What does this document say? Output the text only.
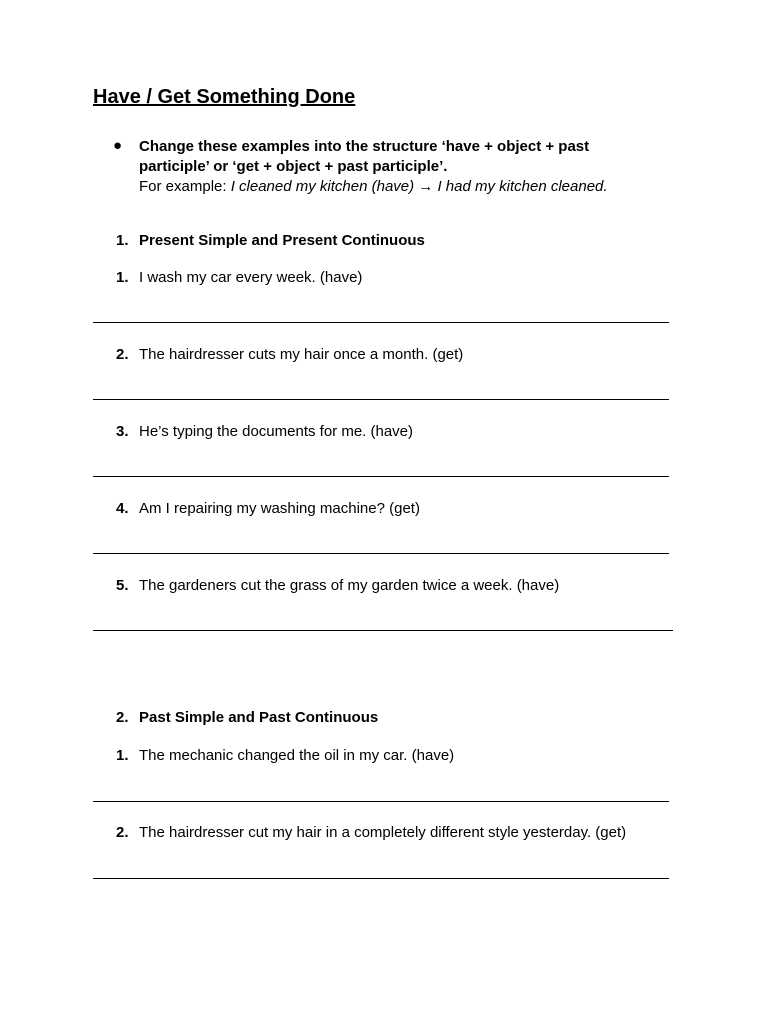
Have / Get Something Done
● Change these examples into the structure ‘have + object + past participle’ or ‘get + object + past participle’.
For example: I cleaned my kitchen (have) → I had my kitchen cleaned.
1. Present Simple and Present Continuous
1. I wash my car every week. (have)
2. The hairdresser cuts my hair once a month. (get)
3. He’s typing the documents for me. (have)
4. Am I repairing my washing machine? (get)
5. The gardeners cut the grass of my garden twice a week. (have)
2. Past Simple and Past Continuous
1. The mechanic changed the oil in my car. (have)
2. The hairdresser cut my hair in a completely different style yesterday. (get)
